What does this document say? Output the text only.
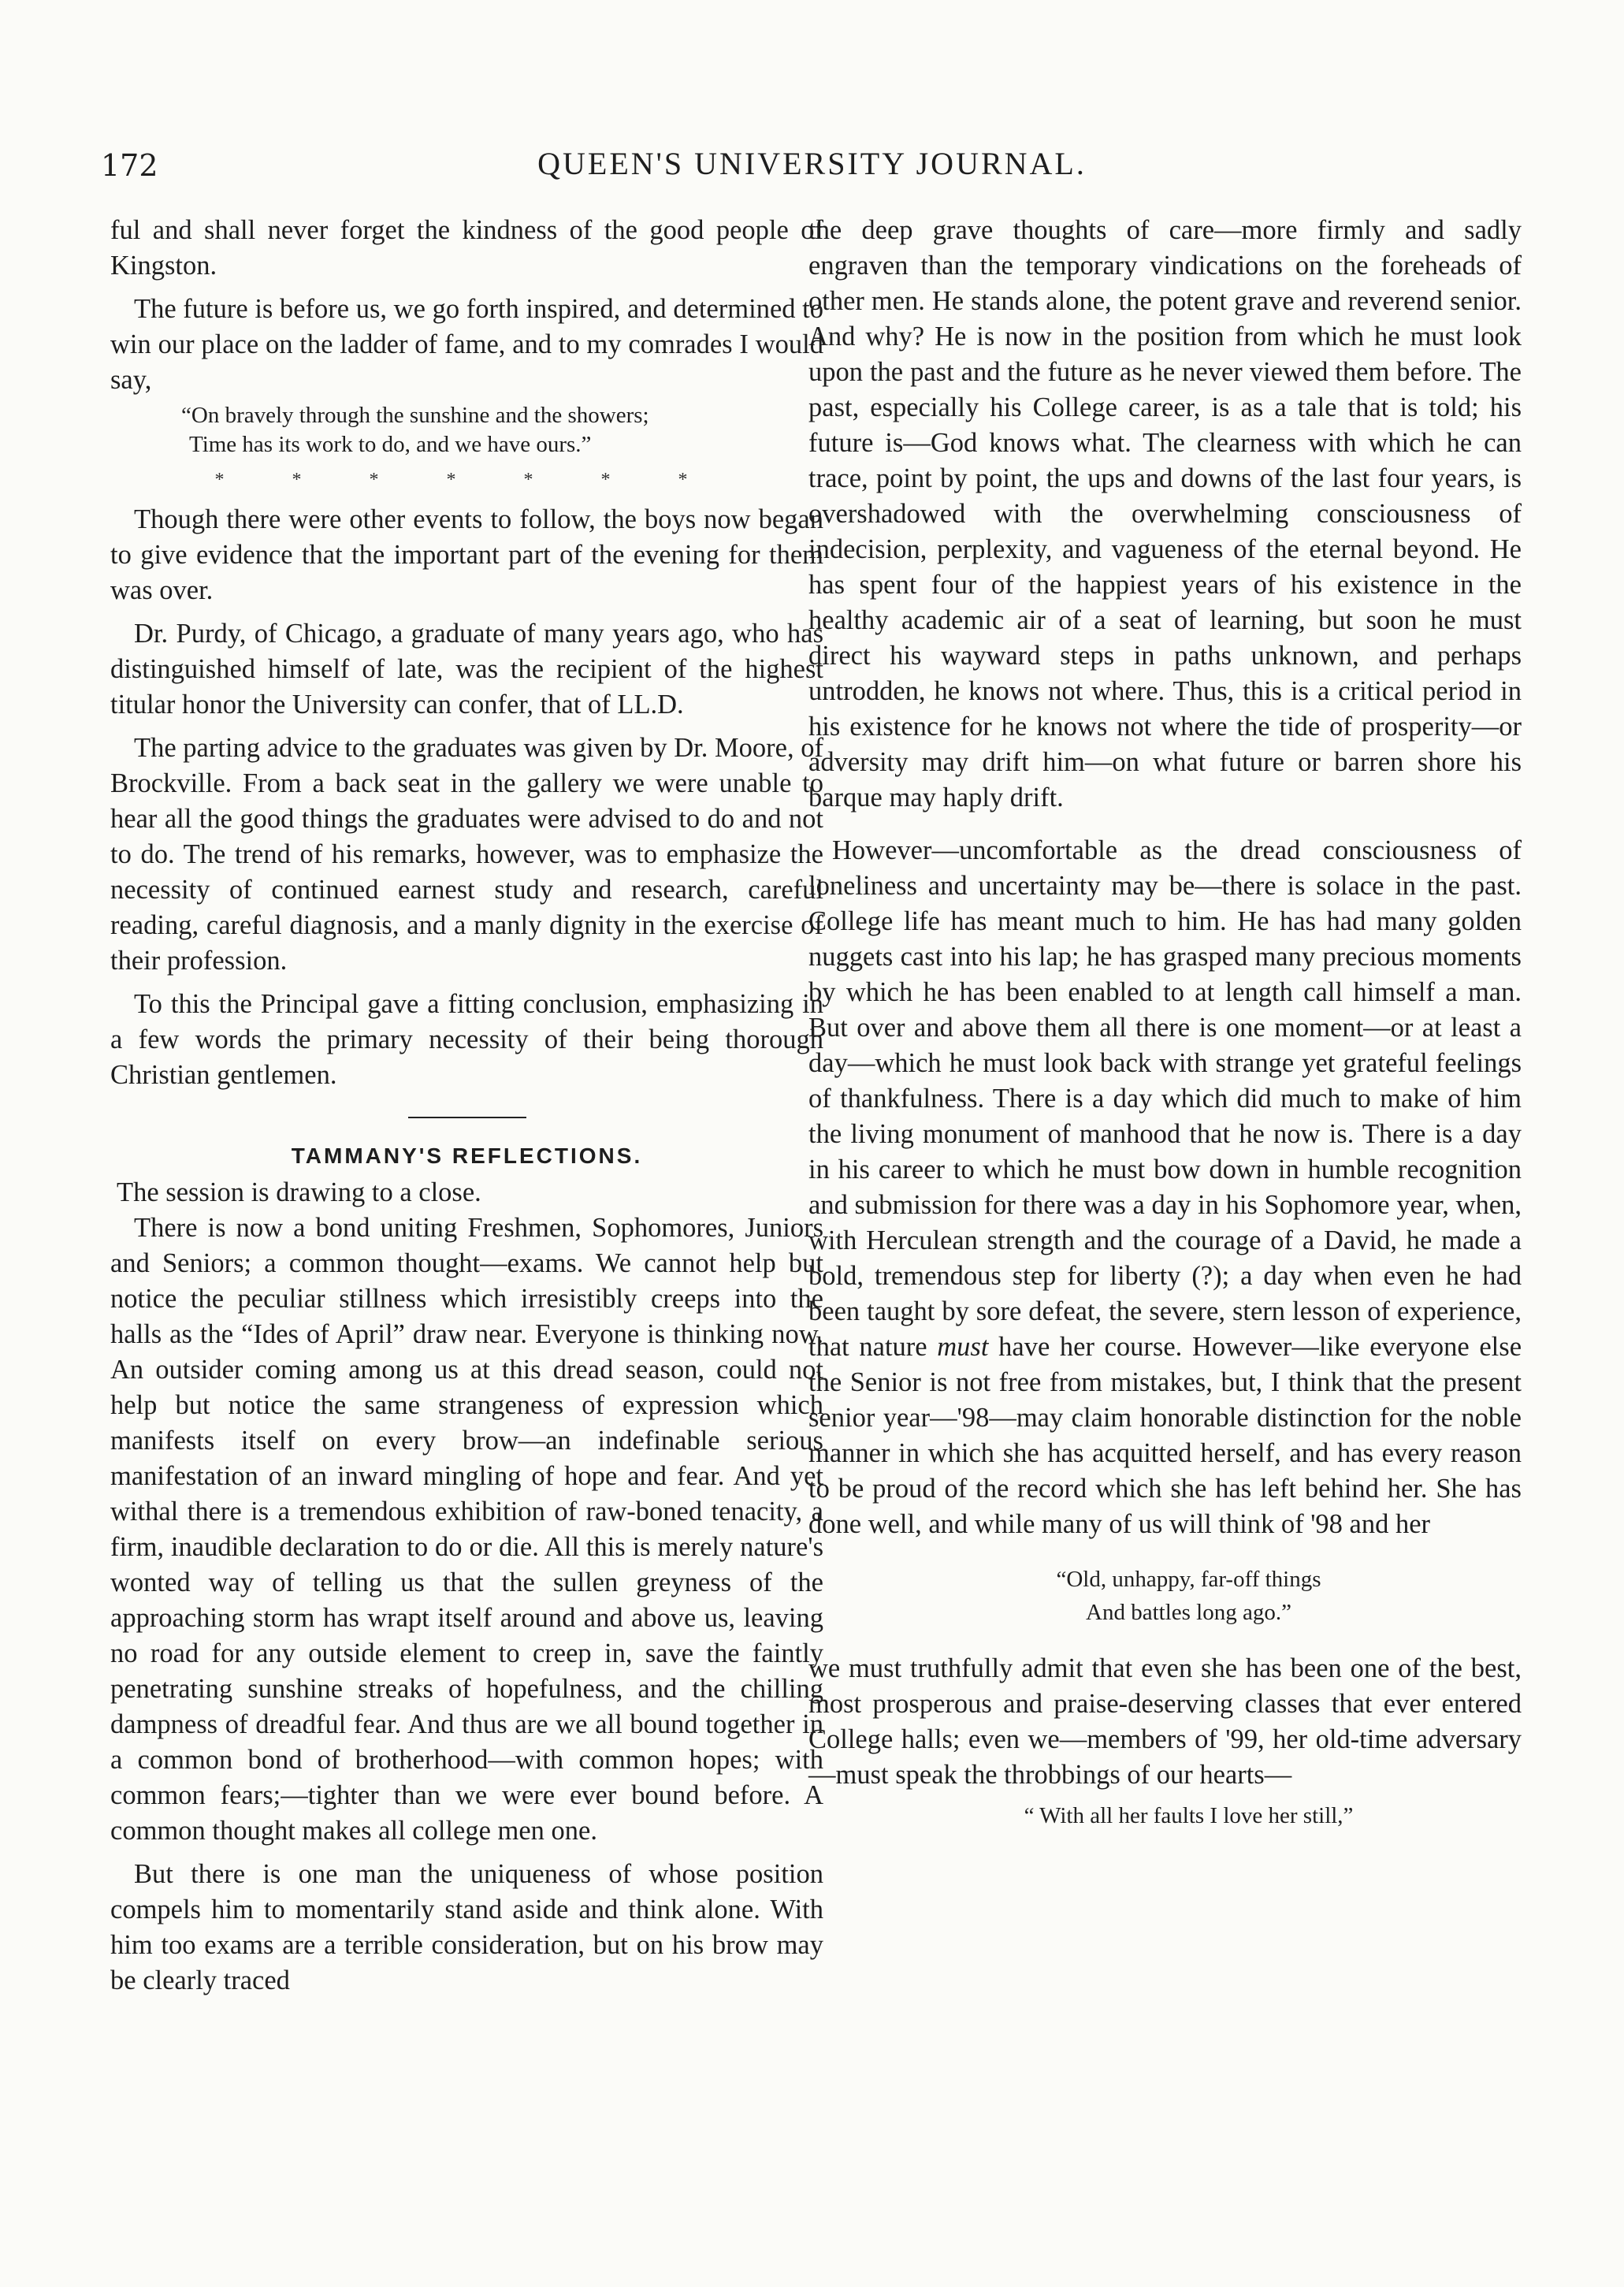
172	QUEEN'S UNIVERSITY JOURNAL.

ful and shall never forget the kindness of the good people of Kingston.

The future is before us, we go forth inspired, and determined to win our place on the ladder of fame, and to my comrades I would say,

“On bravely through the sunshine and the showers;
Time has its work to do, and we have ours.”
* * * * * * *

Though there were other events to follow, the boys now began to give evidence that the important part of the evening for them was over.

Dr. Purdy, of Chicago, a graduate of many years ago, who has distinguished himself of late, was the recipient of the highest titular honor the University can confer, that of LL.D.

The parting advice to the graduates was given by Dr. Moore, of Brockville. From a back seat in the gallery we were unable to hear all the good things the graduates were advised to do and not to do. The trend of his remarks, however, was to emphasize the necessity of continued earnest study and research, careful reading, careful diagnosis, and a manly dignity in the exercise of their profession.

To this the Principal gave a fitting conclusion, emphasizing in a few words the primary necessity of their being thorough Christian gentlemen.

TAMMANY'S REFLECTIONS.

The session is drawing to a close.

There is now a bond uniting Freshmen, Sophomores, Juniors and Seniors; a common thought—exams. We cannot help but notice the peculiar stillness which irresistibly creeps into the halls as the “Ides of April” draw near. Everyone is thinking now. An outsider coming among us at this dread season, could not help but notice the same strangeness of expression which manifests itself on every brow—an indefinable serious manifestation of an inward mingling of hope and fear. And yet withal there is a tremendous exhibition of raw-boned tenacity, a firm, inaudible declaration to do or die. All this is merely nature's wonted way of telling us that the sullen greyness of the approaching storm has wrapt itself around and above us, leaving no road for any outside element to creep in, save the faintly penetrating sunshine streaks of hopefulness, and the chilling dampness of dreadful fear. And thus are we all bound together in a common bond of brotherhood—with common hopes; with common fears;—tighter than we were ever bound before. A common thought makes all college men one.

But there is one man the uniqueness of whose position compels him to momentarily stand aside and think alone. With him too exams are a terrible consideration, but on his brow may be clearly traced

the deep grave thoughts of care—more firmly and sadly engraven than the temporary vindications on the foreheads of other men. He stands alone, the potent grave and reverend senior. And why? He is now in the position from which he must look upon the past and the future as he never viewed them before. The past, especially his College career, is as a tale that is told; his future is—God knows what. The clearness with which he can trace, point by point, the ups and downs of the last four years, is overshadowed with the overwhelming consciousness of indecision, perplexity, and vagueness of the eternal beyond. He has spent four of the happiest years of his existence in the healthy academic air of a seat of learning, but soon he must direct his wayward steps in paths unknown, and perhaps untrodden, he knows not where. Thus, this is a critical period in his existence for he knows not where the tide of prosperity—or adversity may drift him—on what future or barren shore his barque may haply drift.

However—uncomfortable as the dread consciousness of loneliness and uncertainty may be—there is solace in the past. College life has meant much to him. He has had many golden nuggets cast into his lap; he has grasped many precious moments by which he has been enabled to at length call himself a man. But over and above them all there is one moment—or at least a day—which he must look back with strange yet grateful feelings of thankfulness. There is a day which did much to make of him the living monument of manhood that he now is. There is a day in his career to which he must bow down in humble recognition and submission for there was a day in his Sophomore year, when, with Herculean strength and the courage of a David, he made a bold, tremendous step for liberty (?); a day when even he had been taught by sore defeat, the severe, stern lesson of experience, that nature must have her course. However—like everyone else the Senior is not free from mistakes, but, I think that the present senior year—'98—may claim honorable distinction for the noble manner in which she has acquitted herself, and has every reason to be proud of the record which she has left behind her. She has done well, and while many of us will think of '98 and her

“Old, unhappy, far-off things
And battles long ago.”

we must truthfully admit that even she has been one of the best, most prosperous and praise-deserving classes that ever entered College halls; even we—members of '99, her old-time adversary—must speak the throbbings of our hearts—

“ With all her faults I love her still,”
